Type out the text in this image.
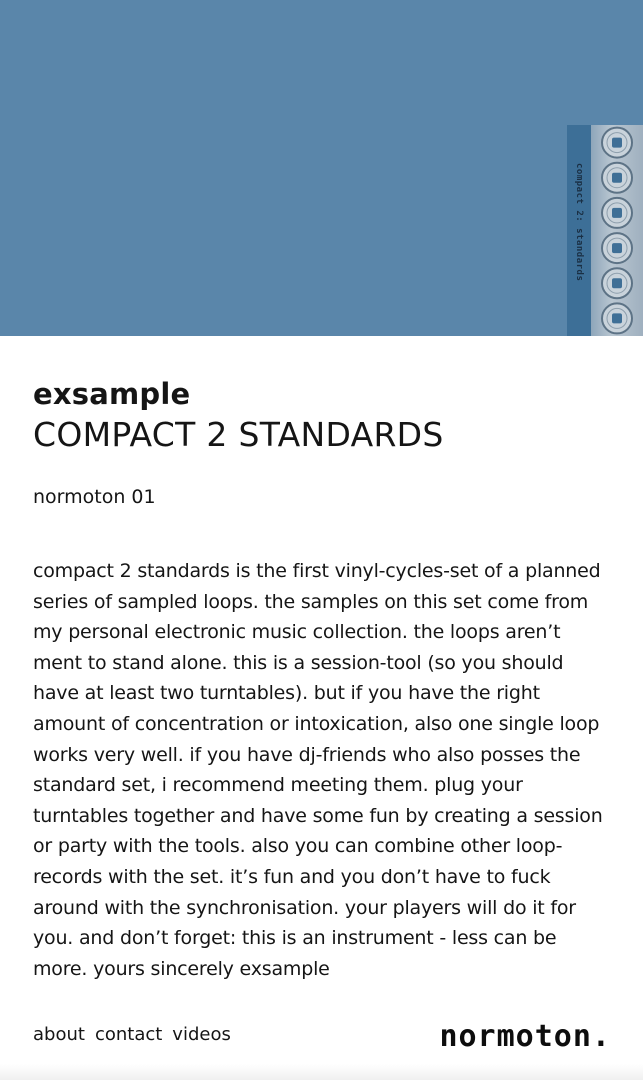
compact 2: standards
exsample
COMPACT 2 STANDARDS
normoton 01
compact 2 standards is the first vinyl-cycles-set of a planned series of sampled loops. the samples on this set come from my personal electronic music collection. the loops aren’t ment to stand alone. this is a session-tool (so you should have at least two turntables). but if you have the right amount of concentration or intoxication, also one single loop works very well. if you have dj-friends who also posses the standard set, i recommend meeting them. plug your turntables together and have some fun by creating a session or party with the tools. also you can combine other loop-records with the set. it’s fun and you don’t have to fuck around with the synchronisation. your players will do it for you. and don’t forget: this is an instrument - less can be more. yours sincerely exsample
about contact videos	normoton.
